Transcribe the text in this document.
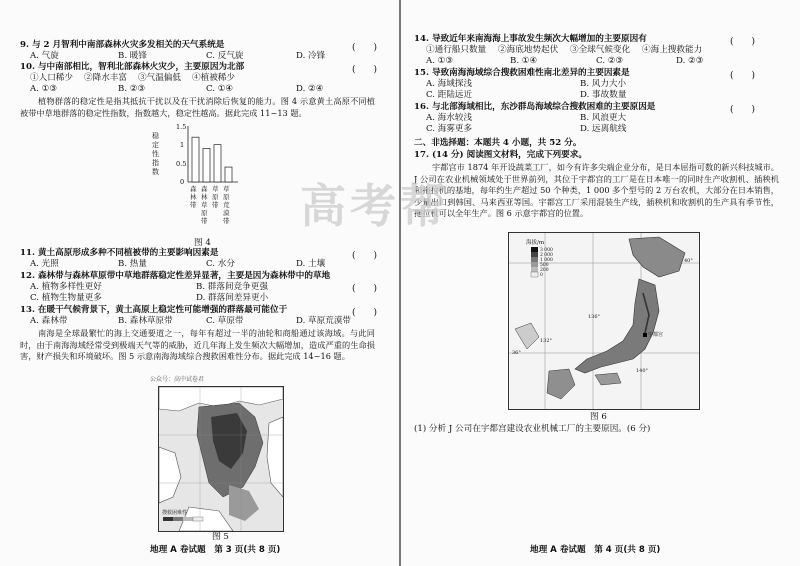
9. 与 2 月智利中南部森林火灾多发相关的天气系统是	(　　)
A. 气旋	B. 暖锋	C. 反气旋	D. 冷锋
10. 与中南部相比，智利北部森林火灾少，主要原因为北部	(　　)
①人口稀少 ②降水丰富 ③气温偏低 ④植被稀少
A. ①③	B. ②③	C. ①④	D. ②④
植物群落的稳定性是指其抵抗干扰以及在干扰消除后恢复的能力。图 4 示意黄土高原不同植被带中草地群落的稳定性指数，指数越大，稳定性越高。据此完成 11~13 题。
稳定性指数
1.5
1
0.5
0
森林带
森林草原带
草原带
草原荒漠带
图 4
11. 黄土高原形成多种不同植被带的主要影响因素是	(　　)
A. 光照	B. 热量	C. 水分	D. 土壤
12. 森林带与森林草原带中草地群落稳定性差异显著，主要是因为森林带中的草地
(　　)
A. 植物多样性更好	B. 群落间竞争更强
C. 植物生物量更多	D. 群落间差异更小
13. 在暖干气候背景下，黄土高原上稳定性可能增强的群落最可能位于	(　　)
A. 森林带	B. 森林草原带	C. 草原带	D. 草原荒漠带
南海是全球最繁忙的海上交通要道之一，每年有超过一半的油轮和商船通过该海域。与此同时，由于南海海域经常受到极端天气等的威胁，近几年海上发生频次大幅增加，造成严重的生命损害，财产损失和环境破坏。图 5 示意南海海域综合搜救困难性分布。据此完成 14~16 题。
公众号：高中试卷君
搜救困难性
图 5
地理 A 卷试题　第 3 页(共 8 页)
14. 导致近年来南海海上事故发生频次大幅增加的主要原因有	(　　)
①通行船只数量 ②海底地势起伏 ③全球气候变化 ④海上搜救能力
A. ①③	B. ①④	C. ②③	D. ②③
15. 导致南海海域综合搜救困难性南北差异的主要因素是	(　　)
A. 海域探浅	B. 风力大小
C. 距陆远近	D. 事故数量
16. 与北部海域相比，东沙群岛海域综合搜救困难的主要原因是	(　　)
A. 海水较浅	B. 风浪更大
C. 海雾更多	D. 远离航线
二、非选择题：本题共 4 小题，共 52 分。
17. (14 分) 阅读图文材料，完成下列要求。
宇都宫市 1874 年开设蔬菜工厂，如今有许多尖端企业分布，是日本屈指可数的新兴科技城市。J 公司在农业机械领域处于世界前列，其位于宇都宫的工厂是在日本唯一的同时生产收割机、插秧机和拖拉机的基地，每年约生产超过 50 个种类，1 000 多个型号的 2 万台农机，大部分在日本销售，少量出口到韩国、马来西亚等国。宇都宫工厂采用混装生产线，插秧机和收割机的生产具有季节性，拖拉机可以全年生产。图 6 示意宇都宫的位置。
海拔/m
3 000
2 000
1 000
500
200
0
40°
36°
132°
136°
140°
宇都宫
图 6
(1) 分析 J 公司在宇都宫建设农业机械工厂的主要原因。(6 分)
地理 A 卷试题　第 4 页(共 8 页)
高考帮
